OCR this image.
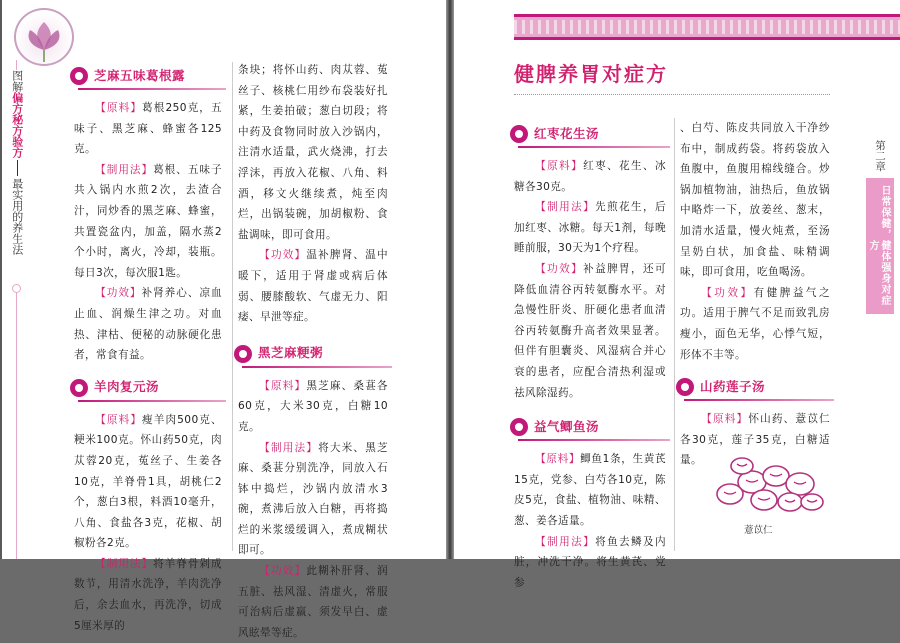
图解
偏方秘方验方
最实用的养生法
芝麻五味葛根露

【原料】葛根250克，五味子、黑芝麻、蜂蜜各125克。

【制用法】葛根、五味子共入锅内水煎2次，去渣合汁，同炒香的黑芝麻、蜂蜜，共置瓷盆内，加盖，隔水蒸2个小时，离火，冷却，装瓶。每日3次，每次服1匙。

【功效】补肾养心、凉血止血、润燥生津之功。对血热、津枯、便秘的动脉硬化患者，常食有益。

羊肉复元汤

【原料】瘦羊肉500克、粳米100克。怀山药50克，肉苁蓉20克，菟丝子、生姜各10克，羊脊骨1具，胡桃仁2个，葱白3根，料酒10毫升，八角、食盐各3克，花椒、胡椒粉各2克。

【制用法】将羊脊骨剁成数节，用清水洗净，羊肉洗净后，余去血水，再洗净，切成5厘米厚的

条块；将怀山药、肉苁蓉、菟丝子、核桃仁用纱布袋装好扎紧，生姜拍破；葱白切段；将中药及食物同时放入沙锅内，注清水适量，武火烧沸，打去浮沫，再放入花椒、八角、料酒，移文火继续煮，炖至肉烂，出锅装碗，加胡椒粉、食盐调味，即可食用。

【功效】温补脾肾、温中暖下，适用于肾虚或病后体弱、腰膝酸软、气虚无力、阳痿、早泄等症。

黑芝麻粳粥

【原料】黑芝麻、桑葚各60克，大米30克，白糖10克。

【制用法】将大米、黑芝麻、桑葚分别洗净，同放入石钵中捣烂，沙锅内放清水3碗，煮沸后放入白糖，再将捣烂的米浆缓缓调入，煮成糊状即可。

【功效】此糊补肝肾、润五脏、祛风湿、清虚火，常服可治病后虚羸、须发早白、虚风眩晕等症。

健脾养胃对症方
红枣花生汤

【原料】红枣、花生、冰糖各30克。

【制用法】先煎花生，后加红枣、冰糖。每天1剂，每晚睡前服，30天为1个疗程。

【功效】补益脾胃，还可降低血清谷丙转氨酶水平。对急慢性肝炎、肝硬化患者血清谷丙转氨酶升高者效果显著。但伴有胆囊炎、风湿病合并心衰的患者，应配合清热利湿或祛风除湿药。

益气鲫鱼汤

【原料】鲫鱼1条，生黄芪15克，党参、白芍各10克，陈皮5克，食盐、植物油、味精、葱、姜各适量。

【制用法】将鱼去鳞及内脏，冲洗干净。将生黄芪、党参

、白芍、陈皮共同放入干净纱布中，制成药袋。将药袋放入鱼腹中，鱼腹用棉线缝合。炒锅加植物油，油热后，鱼放锅中略炸一下，放姜丝、葱末，加清水适量，慢火炖煮，至汤呈奶白状，加食盐、味精调味，即可食用，吃鱼喝汤。

【功效】有健脾益气之功。适用于脾气不足而致乳房瘦小，面色无华，心悸气短，形体不丰等。

山药莲子汤

【原料】怀山药、薏苡仁各30克，莲子35克，白糖适量。

第二章
日常保健，健体强身对症方
薏苡仁
